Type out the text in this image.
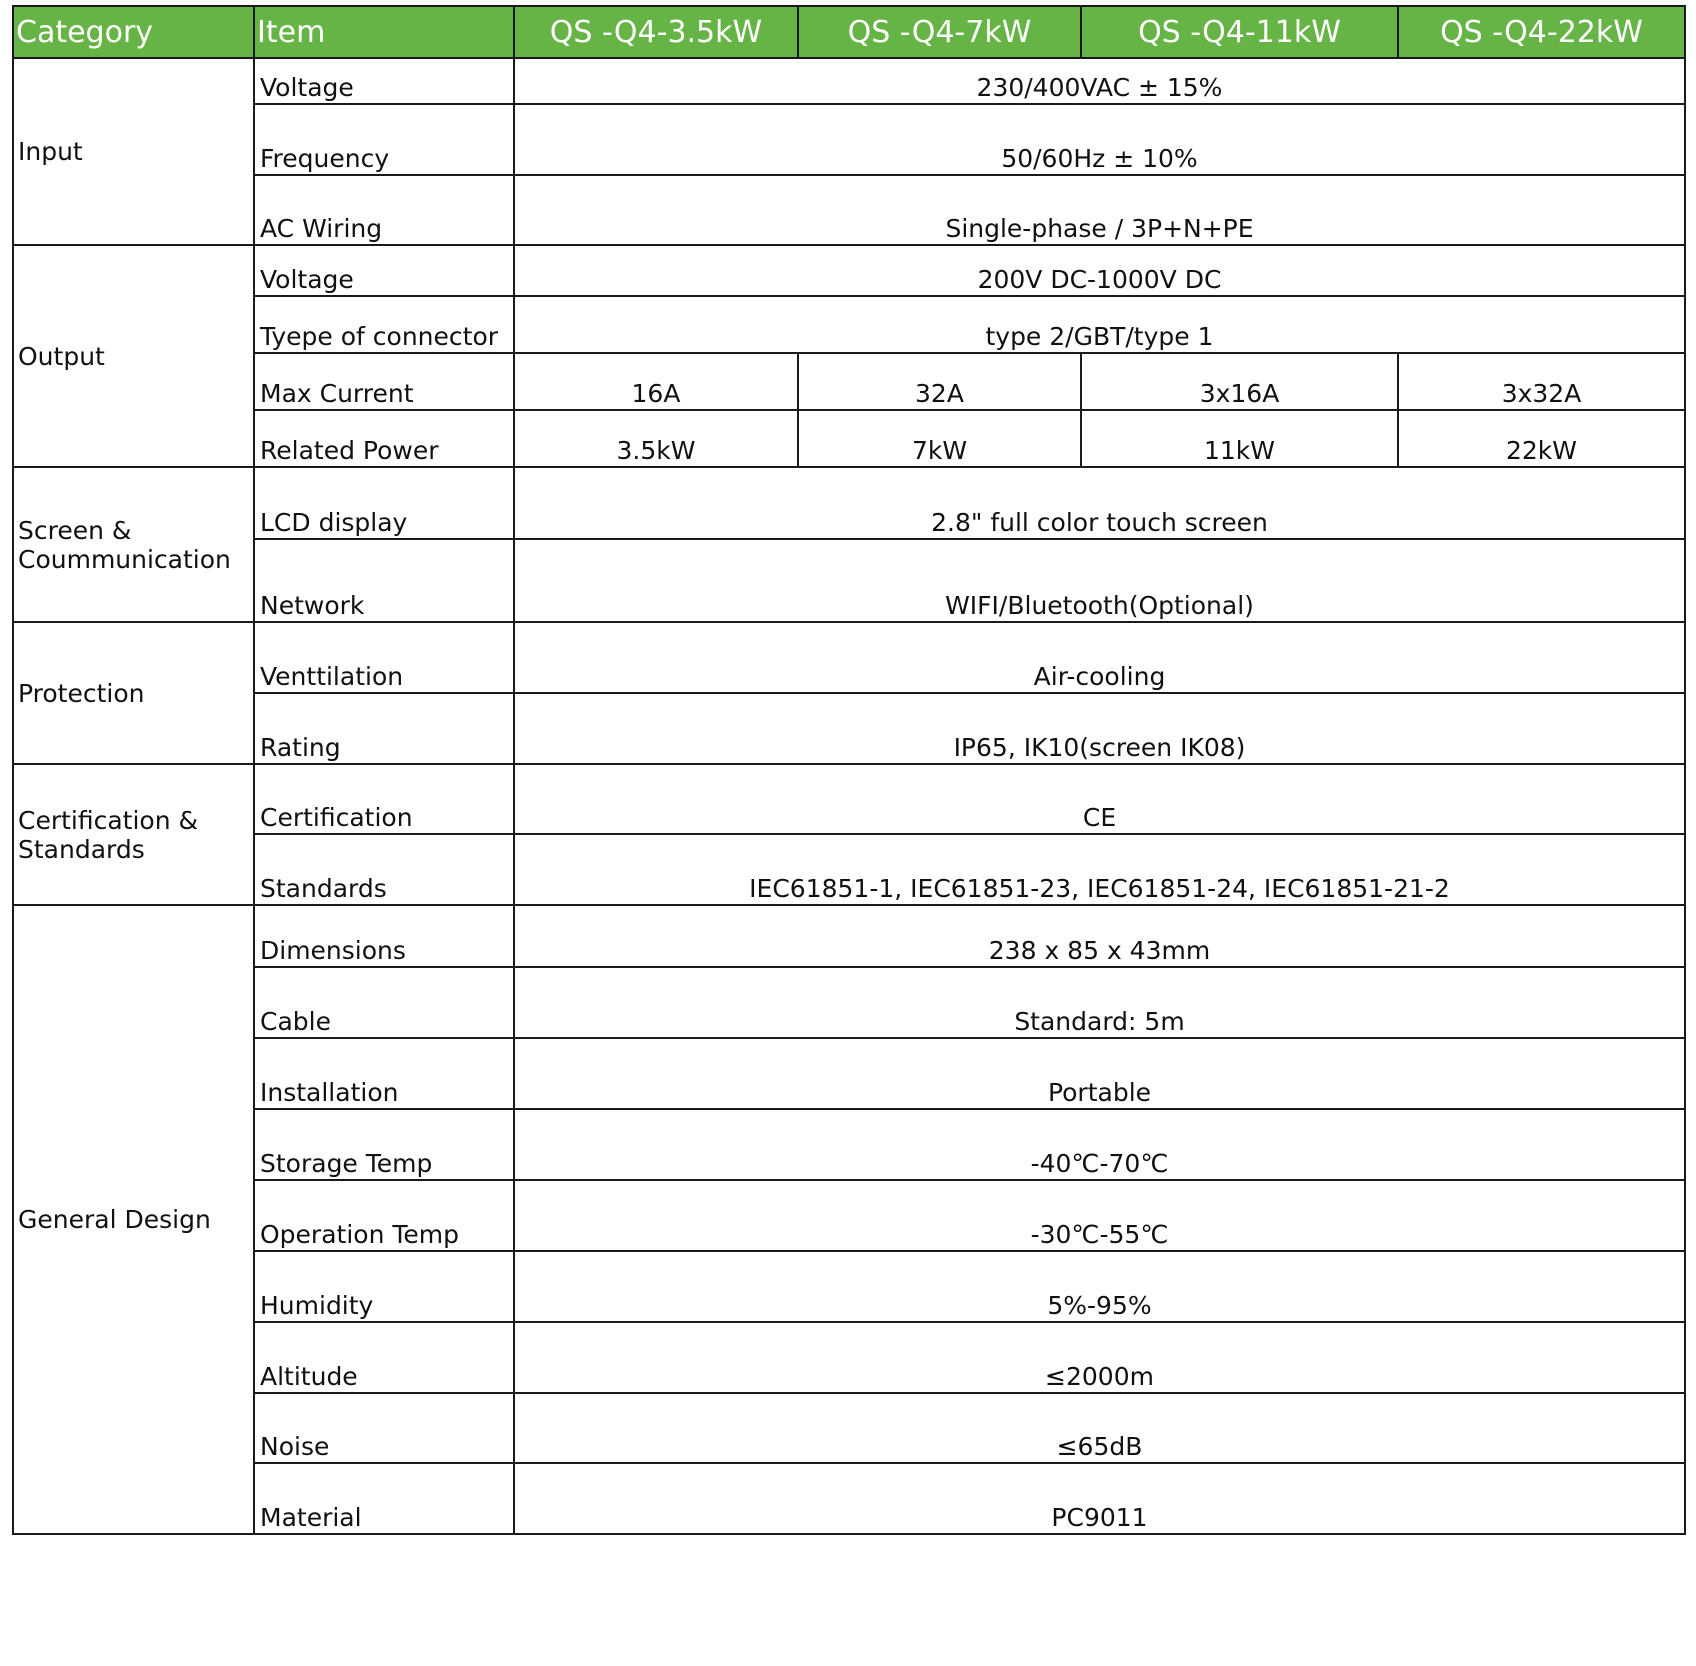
Category	Item	QS -Q4-3.5kW	QS -Q4-7kW	QS -Q4-11kW	QS -Q4-22kW

Input	Voltage	230/400VAC ± 15%			
	Frequency	50/60Hz ± 10%			
	AC Wiring	Single-phase / 3P+N+PE			

Output	Voltage	200V DC-1000V DC			
	Tyepe of connector	type 2/GBT/type 1			
	Max Current	16A	32A	3x16A	3x32A
	Related Power	3.5kW	7kW	11kW	22kW

Screen &
Coummunication	LCD display	2.8" full color touch screen			
	Network	WIFI/Bluetooth(Optional)			

Protection	Venttilation	Air-cooling			
	Rating	IP65, IK10(screen IK08)			

Certification &
Standards	Certification	CE			
	Standards	IEC61851-1, IEC61851-23, IEC61851-24, IEC61851-21-2			

General Design	Dimensions	238 x 85 x 43mm			
	Cable	Standard: 5m			
	Installation	Portable			
	Storage Temp	-40℃-70℃			
	Operation Temp	-30℃-55℃			
	Humidity	5%-95%			
	Altitude	≤2000m			
	Noise	≤65dB			
	Material	PC9011			
